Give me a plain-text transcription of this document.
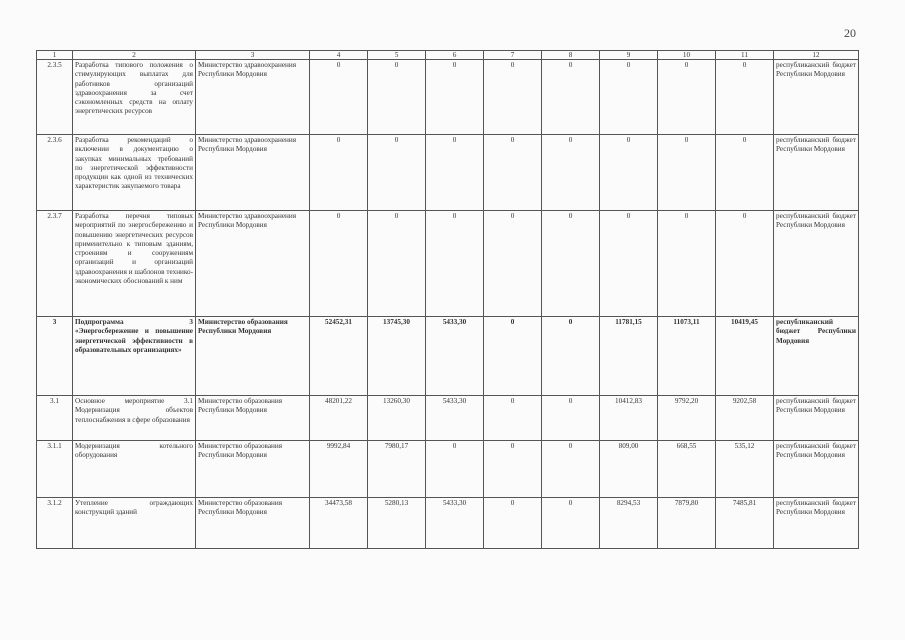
20
1	2	3	4	5	6	7	8	9	10	11	12
2.3.5	Разработка типового положения о стимулирующих выплатах для работников организаций здравоохранения за счет сэкономленных средств на оплату энергетических ресурсов	Министерство здравоохранения Республики Мордовия	0	0	0	0	0	0	0	0	республиканский бюджет Республики Мордовия
2.3.6	Разработка рекомендаций о включении в документацию о закупках минимальных требований по энергетической эффективности продукции как одной из технических характеристик закупаемого товара	Министерство здравоохранения Республики Мордовия	0	0	0	0	0	0	0	0	республиканский бюджет Республики Мордовия
2.3.7	Разработка перечня типовых мероприятий по энергосбережению и повышению энергетических ресурсов применительно к типовым зданиям, строениям и сооружениям организаций и организаций здравоохранения и шаблонов технико-экономических обоснований к ним	Министерство здравоохранения Республики Мордовия	0	0	0	0	0	0	0	0	республиканский бюджет Республики Мордовия
3	Подпрограмма 3 «Энергосбережение и повышение энергетической эффективности в образовательных организациях»	Министерство образования Республики Мордовия	52452,31	13745,30	5433,30	0	0	11781,15	11073,11	10419,45	республиканский бюджет Республики Мордовия
3.1	Основное мероприятие 3.1 Модернизация объектов теплоснабжения в сфере образования	Министерство образования Республики Мордовия	48201,22	13260,30	5433,30	0	0	10412,83	9792,20	9202,58	республиканский бюджет Республики Мордовия
3.1.1	Модернизация котельного оборудования	Министерство образования Республики Мордовия	9992,84	7980,17	0	0	0	809,00	668,55	535,12	республиканский бюджет Республики Мордовия
3.1.2	Утепление ограждающих конструкций зданий	Министерство образования Республики Мордовия	34473,58	5280,13	5433,30	0	0	8294,53	7879,80	7485,81	республиканский бюджет Республики Мордовия
